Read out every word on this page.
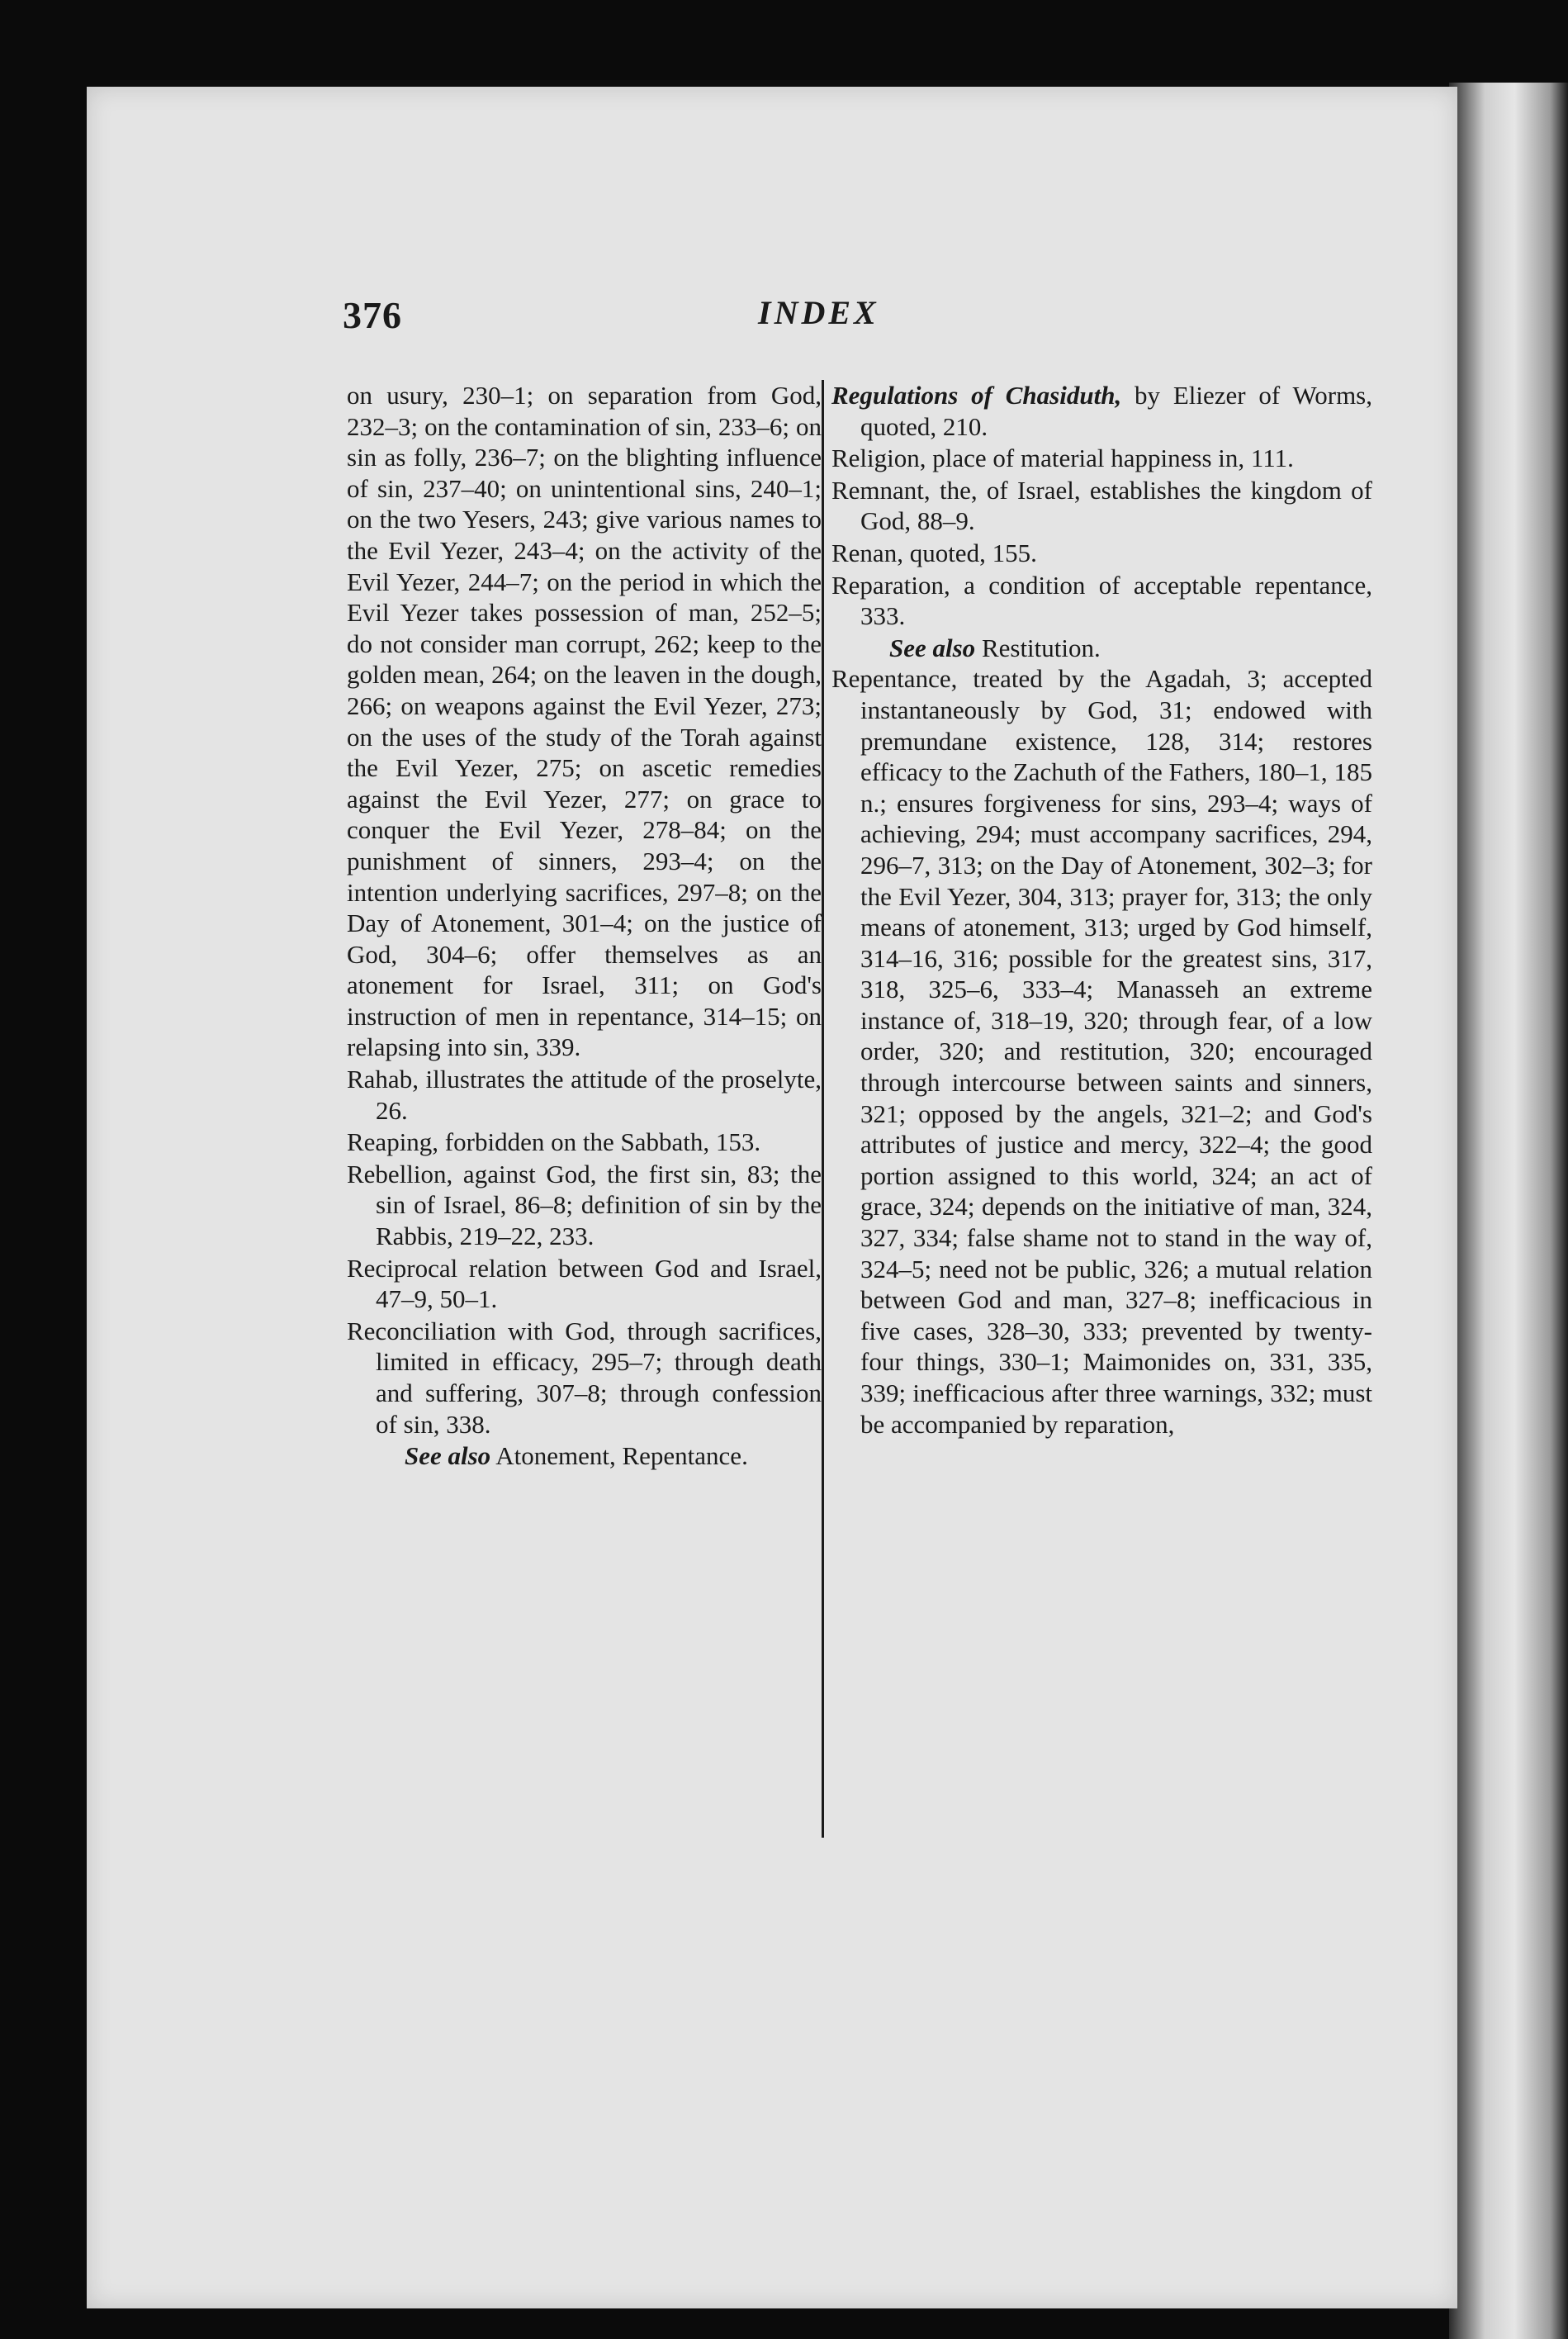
376	INDEX

on usury, 230–1; on separation from God, 232–3; on the contamination of sin, 233–6; on sin as folly, 236–7; on the blighting influence of sin, 237–40; on unintentional sins, 240–1; on the two Yesers, 243; give various names to the Evil Yezer, 243–4; on the activity of the Evil Yezer, 244–7; on the period in which the Evil Yezer takes possession of man, 252–5; do not consider man corrupt, 262; keep to the golden mean, 264; on the leaven in the dough, 266; on weapons against the Evil Yezer, 273; on the uses of the study of the Torah against the Evil Yezer, 275; on ascetic remedies against the Evil Yezer, 277; on grace to conquer the Evil Yezer, 278–84; on the punishment of sinners, 293–4; on the intention underlying sacrifices, 297–8; on the Day of Atonement, 301–4; on the justice of God, 304–6; offer themselves as an atonement for Israel, 311; on God's instruction of men in repentance, 314–15; on relapsing into sin, 339.

Rahab, illustrates the attitude of the proselyte, 26.

Reaping, forbidden on the Sabbath, 153.

Rebellion, against God, the first sin, 83; the sin of Israel, 86–8; definition of sin by the Rabbis, 219–22, 233.

Reciprocal relation between God and Israel, 47–9, 50–1.

Reconciliation with God, through sacrifices, limited in efficacy, 295–7; through death and suffering, 307–8; through confession of sin, 338.

See also Atonement, Repentance.

Regulations of Chasiduth, by Eliezer of Worms, quoted, 210.

Religion, place of material happiness in, 111.

Remnant, the, of Israel, establishes the kingdom of God, 88–9.

Renan, quoted, 155.

Reparation, a condition of acceptable repentance, 333.

See also Restitution.

Repentance, treated by the Agadah, 3; accepted instantaneously by God, 31; endowed with premundane existence, 128, 314; restores efficacy to the Zachuth of the Fathers, 180–1, 185 n.; ensures forgiveness for sins, 293–4; ways of achieving, 294; must accompany sacrifices, 294, 296–7, 313; on the Day of Atonement, 302–3; for the Evil Yezer, 304, 313; prayer for, 313; the only means of atonement, 313; urged by God himself, 314–16, 316; possible for the greatest sins, 317, 318, 325–6, 333–4; Manasseh an extreme instance of, 318–19, 320; through fear, of a low order, 320; and restitution, 320; encouraged through intercourse between saints and sinners, 321; opposed by the angels, 321–2; and God's attributes of justice and mercy, 322–4; the good portion assigned to this world, 324; an act of grace, 324; depends on the initiative of man, 324, 327, 334; false shame not to stand in the way of, 324–5; need not be public, 326; a mutual relation between God and man, 327–8; inefficacious in five cases, 328–30, 333; prevented by twenty-four things, 330–1; Maimonides on, 331, 335, 339; inefficacious after three warnings, 332; must be accompanied by reparation,
